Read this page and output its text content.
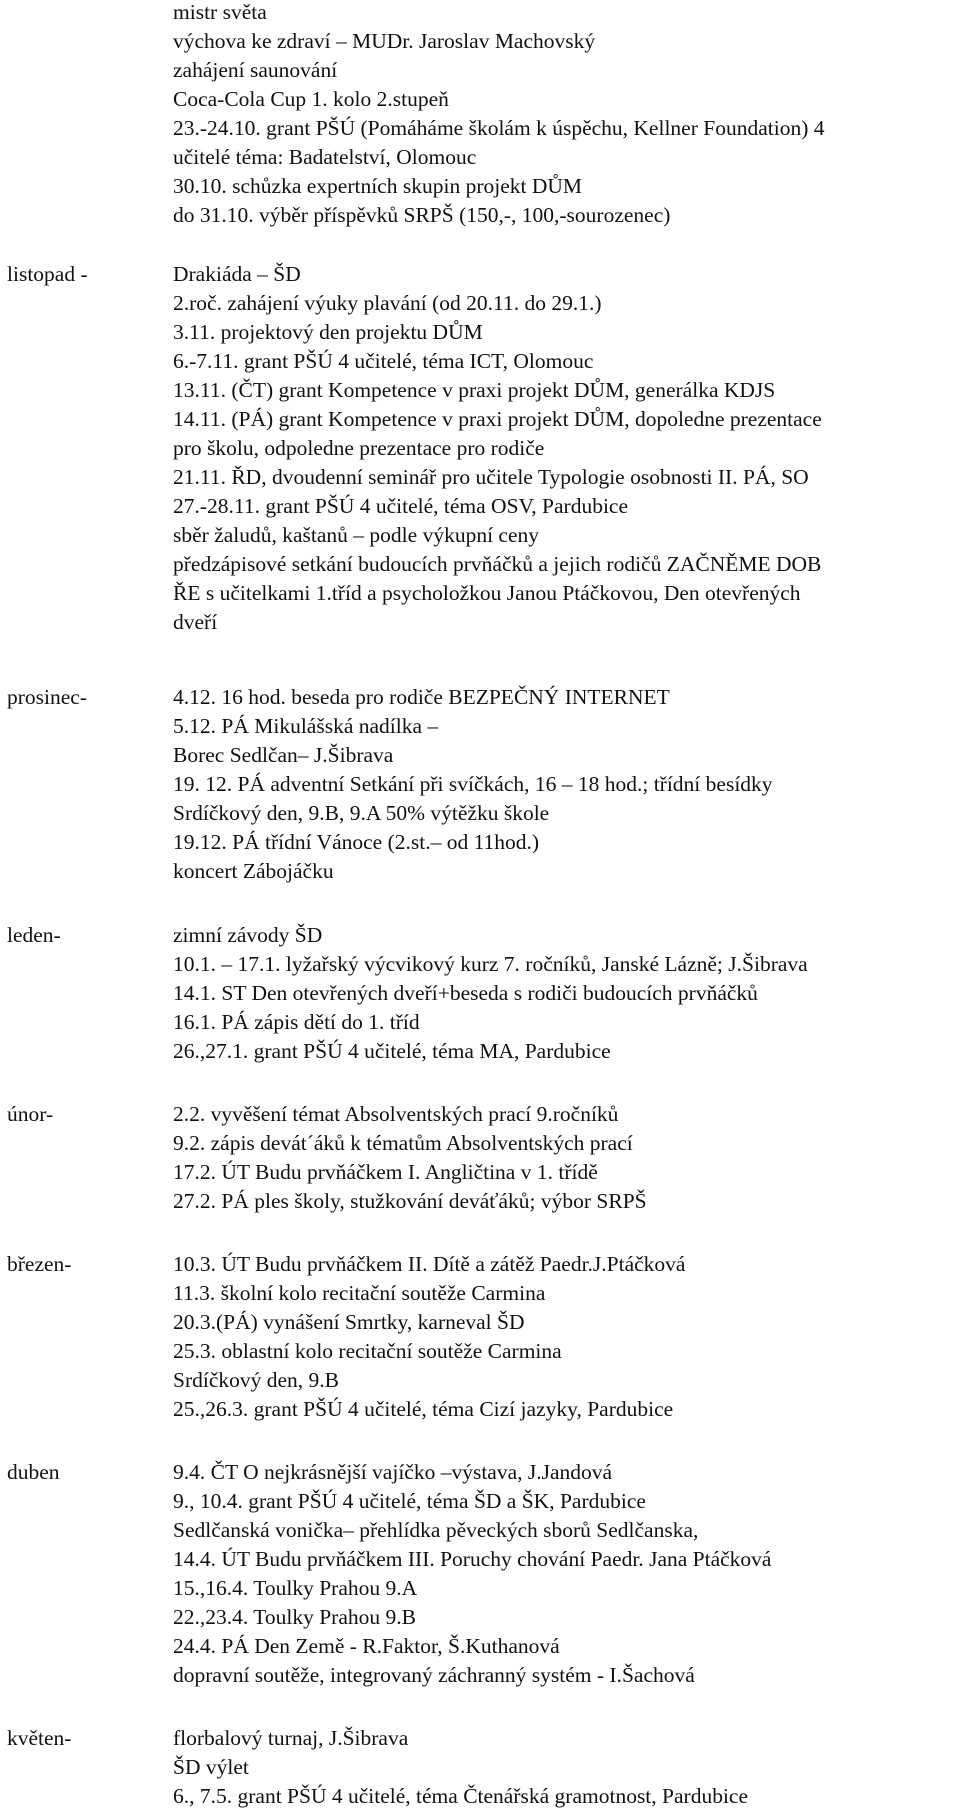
mistr světa
výchova ke zdraví – MUDr. Jaroslav Machovský
zahájení saunování
Coca-Cola Cup 1. kolo 2.stupeň
23.-24.10. grant PŠÚ (Pomáháme školám k úspěchu, Kellner Foundation) 4
učitelé téma: Badatelství, Olomouc
30.10. schůzka expertních skupin projekt DŮM
do 31.10. výběr příspěvků SRPŠ (150,-, 100,-sourozenec)
listopad -	Drakiáda – ŠD
2.roč. zahájení výuky plavání (od 20.11. do 29.1.)
3.11. projektový den projektu DŮM
6.-7.11. grant PŠÚ 4 učitelé, téma ICT, Olomouc
13.11. (ČT) grant Kompetence v praxi projekt DŮM, generálka KDJS
14.11. (PÁ) grant Kompetence v praxi projekt DŮM, dopoledne prezentace
pro školu, odpoledne prezentace pro rodiče
21.11. ŘD, dvoudenní seminář pro učitele Typologie osobnosti II. PÁ, SO
27.-28.11. grant PŠÚ 4 učitelé, téma OSV, Pardubice
sběr žaludů, kaštanů – podle výkupní ceny
předzápisové setkání budoucích prvňáčků a jejich rodičů ZAČNĚME DOB
ŘE s učitelkami 1.tříd a psycholožkou Janou Ptáčkovou, Den otevřených
dveří
prosinec-	4.12. 16 hod. beseda pro rodiče BEZPEČNÝ INTERNET
5.12. PÁ Mikulášská nadílka –
Borec Sedlčan– J.Šibrava
19. 12. PÁ adventní Setkání při svíčkách, 16 – 18 hod.; třídní besídky
Srdíčkový den, 9.B, 9.A 50% výtěžku škole
19.12. PÁ třídní Vánoce (2.st.– od 11hod.)
koncert Zábojáčku
leden-	zimní závody ŠD
10.1. – 17.1. lyžařský výcvikový kurz 7. ročníků, Janské Lázně; J.Šibrava
14.1. ST Den otevřených dveří+beseda s rodiči budoucích prvňáčků
16.1. PÁ zápis dětí do 1. tříd
26.,27.1. grant PŠÚ 4 učitelé, téma MA, Pardubice
únor-	2.2. vyvěšení témat Absolventských prací 9.ročníků
9.2. zápis devát´áků k tématům Absolventských prací
17.2. ÚT Budu prvňáčkem I. Angličtina v 1. třídě
27.2. PÁ ples školy, stužkování deváťáků; výbor SRPŠ
březen-	10.3. ÚT Budu prvňáčkem II. Dítě a zátěž Paedr.J.Ptáčková
11.3. školní kolo recitační soutěže Carmina
20.3.(PÁ) vynášení Smrtky, karneval ŠD
25.3. oblastní kolo recitační soutěže Carmina
Srdíčkový den, 9.B
25.,26.3. grant PŠÚ 4 učitelé, téma Cizí jazyky, Pardubice
duben	9.4. ČT O nejkrásnější vajíčko –výstava, J.Jandová
9., 10.4. grant PŠÚ 4 učitelé, téma ŠD a ŠK, Pardubice
Sedlčanská vonička– přehlídka pěveckých sborů Sedlčanska,
14.4. ÚT Budu prvňáčkem III. Poruchy chování Paedr. Jana Ptáčková
15.,16.4. Toulky Prahou 9.A
22.,23.4. Toulky Prahou 9.B
24.4. PÁ Den Země - R.Faktor, Š.Kuthanová
dopravní soutěže, integrovaný záchranný systém - I.Šachová
květen-	florbalový turnaj, J.Šibrava
ŠD výlet
6., 7.5. grant PŠÚ 4 učitelé, téma Čtenářská gramotnost, Pardubice
